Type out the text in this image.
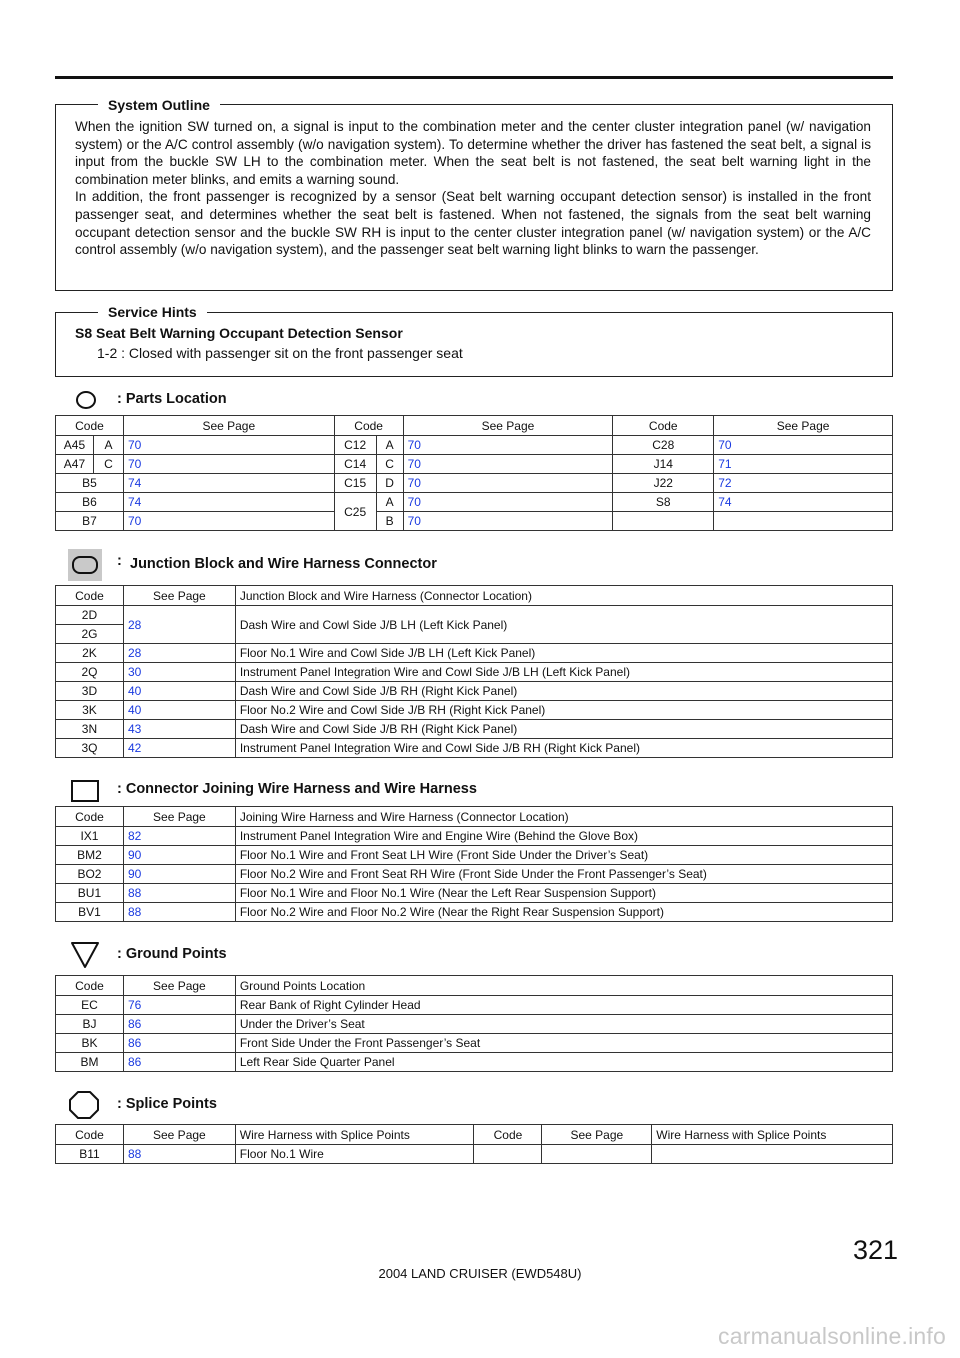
System Outline

When the ignition SW turned on, a signal is input to the combination meter and the center cluster integration panel (w/ navigation system) or the A/C control assembly (w/o navigation system). To determine whether the driver has fastened the seat belt, a signal is input from the buckle SW LH to the combination meter. When the seat belt is not fastened, the seat belt warning light in the combination meter blinks, and emits a warning sound.

In addition, the front passenger is recognized by a sensor (Seat belt warning occupant detection sensor) is installed in the front passenger seat, and determines whether the seat belt is fastened. When not fastened, the signals from the seat belt warning occupant detection sensor and the buckle SW RH is input to the center cluster integration panel (w/ navigation system) or the A/C control assembly (w/o navigation system), and the passenger seat belt warning light blinks to warn the passenger.

Service Hints
S8 Seat Belt Warning Occupant Detection Sensor
1-2 : Closed with passenger sit on the front passenger seat
: Parts Location
Code		See Page	Code		See Page	Code	See Page
A45	A	70	C12	A	70	C28	70
A47	C	70	C14	C	70	J14	71
B5		74	C15	D	70	J22	72
B6		74	C25	A	70	S8	74
B7		70		B	70		
: Junction Block and Wire Harness Connector
Code	See Page	Junction Block and Wire Harness (Connector Location)
2D	28	Dash Wire and Cowl Side J/B LH (Left Kick Panel)
2G		
2K	28	Floor No.1 Wire and Cowl Side J/B LH (Left Kick Panel)
2Q	30	Instrument Panel Integration Wire and Cowl Side J/B LH (Left Kick Panel)
3D	40	Dash Wire and Cowl Side J/B RH (Right Kick Panel)
3K	40	Floor No.2 Wire and Cowl Side J/B RH (Right Kick Panel)
3N	43	Dash Wire and Cowl Side J/B RH (Right Kick Panel)
3Q	42	Instrument Panel Integration Wire and Cowl Side J/B RH (Right Kick Panel)
: Connector Joining Wire Harness and Wire Harness
Code	See Page	Joining Wire Harness and Wire Harness (Connector Location)
IX1	82	Instrument Panel Integration Wire and Engine Wire (Behind the Glove Box)
BM2	90	Floor No.1 Wire and Front Seat LH Wire (Front Side Under the Driver’s Seat)
BO2	90	Floor No.2 Wire and Front Seat RH Wire (Front Side Under the Front Passenger’s Seat)
BU1	88	Floor No.1 Wire and Floor No.1 Wire (Near the Left Rear Suspension Support)
BV1	88	Floor No.2 Wire and Floor No.2 Wire (Near the Right Rear Suspension Support)
: Ground Points
Code	See Page	Ground Points Location
EC	76	Rear Bank of Right Cylinder Head
BJ	86	Under the Driver’s Seat
BK	86	Front Side Under the Front Passenger’s Seat
BM	86	Left Rear Side Quarter Panel
: Splice Points
Code	See Page	Wire Harness with Splice Points	Code	See Page	Wire Harness with Splice Points
B11	88	Floor No.1 Wire			
321
2004 LAND CRUISER (EWD548U)
carmanualsonline.info
